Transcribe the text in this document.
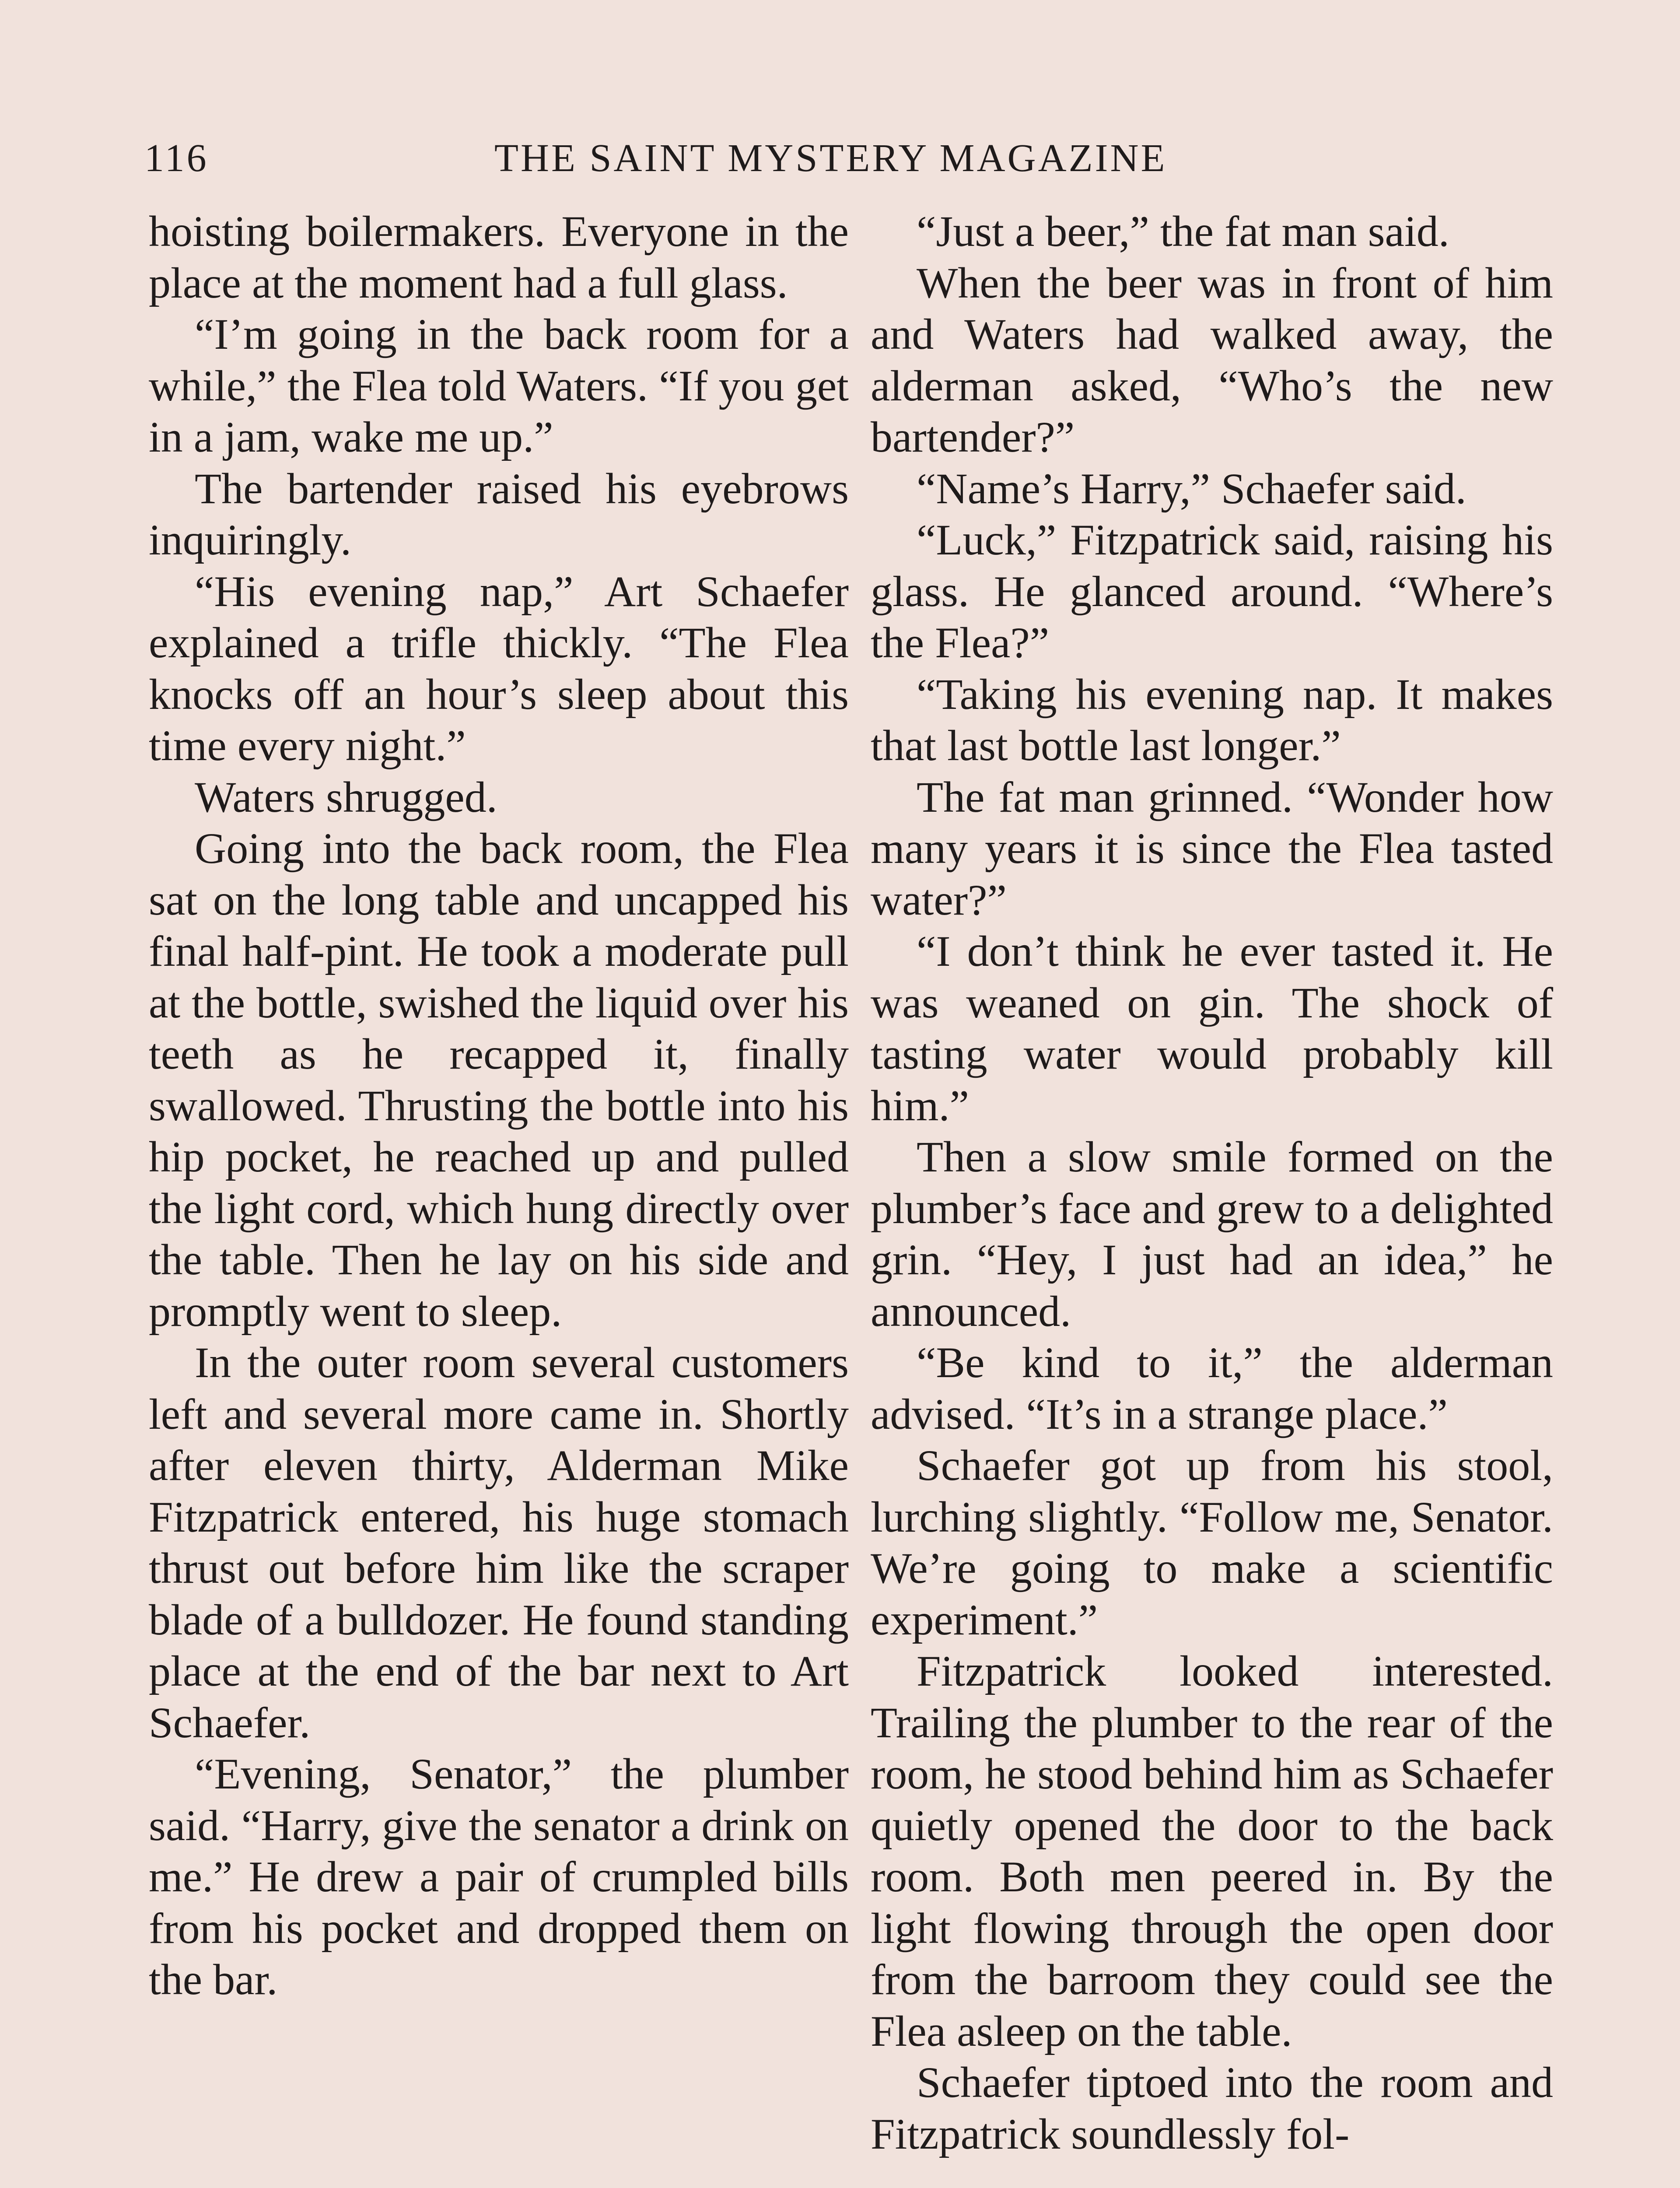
116	THE SAINT MYSTERY MAGAZINE

hoisting boilermakers. Everyone in the place at the moment had a full glass.

“I’m going in the back room for a while,” the Flea told Waters. “If you get in a jam, wake me up.”

The bartender raised his eyebrows inquiringly.

“His evening nap,” Art Schaefer explained a trifle thickly. “The Flea knocks off an hour’s sleep about this time every night.”

Waters shrugged.

Going into the back room, the Flea sat on the long table and uncapped his final half-pint. He took a moderate pull at the bottle, swished the liquid over his teeth as he recapped it, finally swallowed. Thrusting the bottle into his hip pocket, he reached up and pulled the light cord, which hung directly over the table. Then he lay on his side and promptly went to sleep.

In the outer room several customers left and several more came in. Shortly after eleven thirty, Alderman Mike Fitzpatrick entered, his huge stomach thrust out before him like the scraper blade of a bulldozer. He found standing place at the end of the bar next to Art Schaefer.

“Evening, Senator,” the plumber said. “Harry, give the senator a drink on me.” He drew a pair of crumpled bills from his pocket and dropped them on the bar.

“Just a beer,” the fat man said.

When the beer was in front of him and Waters had walked away, the alderman asked, “Who’s the new bartender?”

“Name’s Harry,” Schaefer said.

“Luck,” Fitzpatrick said, raising his glass. He glanced around. “Where’s the Flea?”

“Taking his evening nap. It makes that last bottle last longer.”

The fat man grinned. “Wonder how many years it is since the Flea tasted water?”

“I don’t think he ever tasted it. He was weaned on gin. The shock of tasting water would probably kill him.”

Then a slow smile formed on the plumber’s face and grew to a delighted grin. “Hey, I just had an idea,” he announced.

“Be kind to it,” the alderman advised. “It’s in a strange place.”

Schaefer got up from his stool, lurching slightly. “Follow me, Senator. We’re going to make a scientific experiment.”

Fitzpatrick looked interested. Trailing the plumber to the rear of the room, he stood behind him as Schaefer quietly opened the door to the back room. Both men peered in. By the light flowing through the open door from the barroom they could see the Flea asleep on the table.

Schaefer tiptoed into the room and Fitzpatrick soundlessly fol-
